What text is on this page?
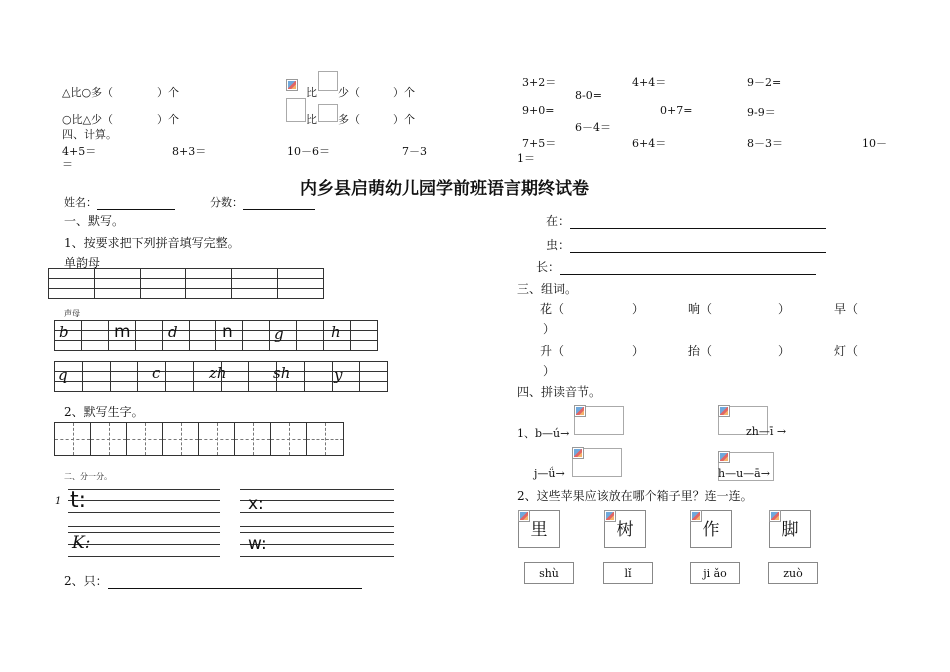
△比○多（　　　　）个	比 少（　　　）个
○比△少（　　　　）个	比 多（　　　）个
四、计算。
4+5＝	8+3＝	10－6＝	7－3
＝
3+2＝	4+4＝	9－2=
8-0=
9+0=	0+7=	9-9＝
6－4＝
7+5＝	6+4＝	8－3＝	10－
1＝
内乡县启萌幼儿园学前班语言期终试卷
姓名：	分数：
一、默写。
1、按要求把下列拼音填写完整。
单韵母

声母

b	m d	n	g	h

q	c	zh	sh	y
2、默写生字。
二、分一分。
1 t:	x:
K:	w:
2、只：
在：
虫：
长：
三、组词。
花（	）	响（	）	早（
）
升（	）	抬（	）	灯（
）
四、拼读音节。
1、b—ú→	zh—ī →
j—ǘ→	h—u—ā→
2、这些苹果应该放在哪个箱子里？连一连。
里	树	作	脚
shù	lǐ	ji ǎo	zuò
